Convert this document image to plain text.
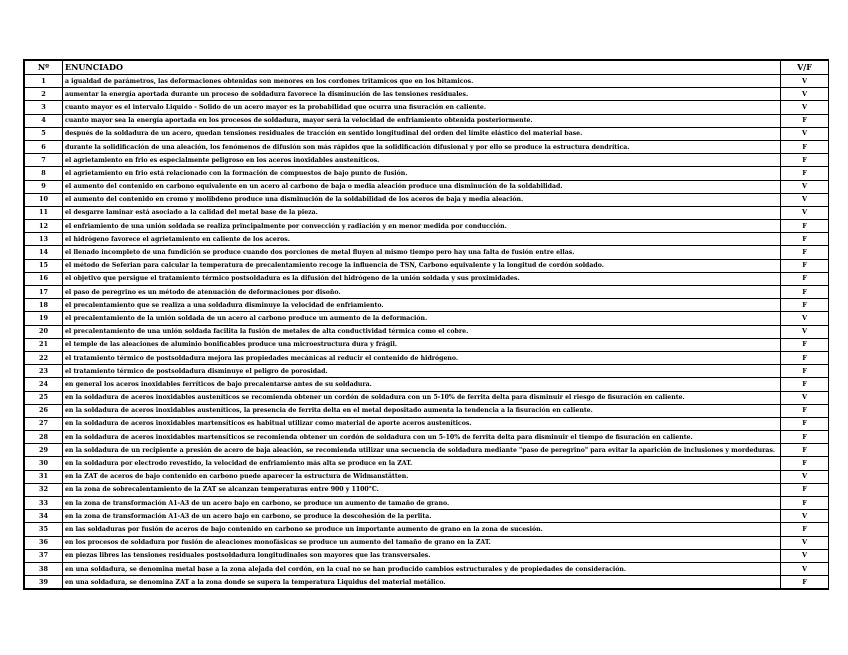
Nº	ENUNCIADO	V/F
1	a igualdad de parámetros, las deformaciones obtenidas son menores en los cordones tritamicos que en los bitamicos.	V
2	aumentar la energía aportada durante un proceso de soldadura favorece la disminución de las tensiones residuales.	V
3	cuanto mayor es el intervalo Liquido - Solido de un acero mayor es la probabilidad que ocurra una fisuración en caliente.	V
4	cuanto mayor sea la energía aportada en los procesos de soldadura, mayor será la velocidad de enfriamiento obtenida posteriormente.	F
5	después de la soldadura de un acero, quedan tensiones residuales de tracción en sentido longitudinal del orden del límite elástico del material base.	V
6	durante la solidificación de una aleación, los fenómenos de difusión son más rápidos que la solidificación difusional y por ello se produce la estructura dendrítica.	F
7	el agrietamiento en frio es especialmente peligroso en los aceros inoxidables austeníticos.	F
8	el agrietamiento en frio está relacionado con la formación de compuestos de bajo punto de fusión.	F
9	el aumento del contenido en carbono equivalente en un acero al carbono de baja o media aleación produce una disminución de la soldabilidad.	V
10	el aumento del contenido en cromo y molibdeno produce una disminución de la soldabilidad de los aceros de baja y media aleación.	V
11	el desgarre laminar está asociado a la calidad del metal base de la pieza.	V
12	el enfriamiento de una unión soldada se realiza principalmente por convección y radiación y en menor medida por conducción.	F
13	el hidrógeno favorece el agrietamiento en caliente de los aceros.	F
14	el llenado incompleto de una fundición se produce cuando dos porciones de metal fluyen al mismo tiempo pero hay una falta de fusión entre ellas.	F
15	el método de Seferian para calcular la temperatura de precalentamiento recoge la influencia de TSN, Carbono equivalente y la longitud de cordón soldado.	F
16	el objetivo que persigue el tratamiento térmico postsoldadura es la difusión del hidrógeno de la unión soldada y sus proximidades.	F
17	el paso de peregrino es un método de atenuación de deformaciones por disoño.	F
18	el precalentamiento que se realiza a una soldadura disminuye la velocidad de enfriamiento.	F
19	el precalentamiento de la unión soldada de un acero al carbono produce un aumento de la deformación.	V
20	el precalentamiento de una unión soldada facilita la fusión de metales de alta conductividad térmica como el cobre.	V
21	el temple de las aleaciones de aluminio bonificables produce una microestructura dura y frágil.	F
22	el tratamiento térmico de postsoldadura mejora las propiedades mecánicas al reducir el contenido de hidrógeno.	F
23	el tratamiento térmico de postsoldadura disminuye el peligro de porosidad.	F
24	en general los aceros inoxidables ferríticos de bajo precalentarse antes de su soldadura.	F
25	en la soldadura de aceros inoxidables austeníticos se recomienda obtener un cordón de soldadura con un 5-10% de ferrita delta para disminuir el riesgo de fisuración en caliente.	V
26	en la soldadura de aceros inoxidables austeníticos, la presencia de ferrita delta en el metal depositado aumenta la tendencia a la fisuración en caliente.	F
27	en la soldadura de aceros inoxidables martensíticos es habitual utilizar como material de aporte aceros austeníticos.	F
28	en la soldadura de aceros inoxidables martensíticos se recomienda obtener un cordón de soldadura con un 5-10% de ferrita delta para disminuir el tiempo de fisuración en caliente.	F
29	en la soldadura de un recipiente a presión de acero de baja aleación, se recomienda utilizar una secuencia de soldadura mediante "paso de peregrino" para evitar la aparición de inclusiones y mordeduras.	F
30	en la soldadura por electrodo revestido, la velocidad de enfriamiento más alta se produce en la ZAT.	F
31	en la ZAT de aceros de bajo contenido en carbono puede aparecer la estructura de Widmanstätten.	V
32	en la zona de sobrecalentamiento de la ZAT se alcanzan temperaturas entre 900 y 1100°C.	F
33	en la zona de transformación A1-A3 de un acero bajo en carbono, se produce un aumento de tamaño de grano.	F
34	en la zona de transformación A1-A3 de un acero bajo en carbono, se produce la descohesión de la perlita.	V
35	en las soldaduras por fusión de aceros de bajo contenido en carbono se produce un importante aumento de grano en la zona de sucesión.	F
36	en los procesos de soldadura por fusión de aleaciones monofásicas se produce un aumento del tamaño de grano en la ZAT.	V
37	en piezas libres las tensiones residuales postsoldadura longitudinales son mayores que las transversales.	V
38	en una soldadura, se denomina metal base a la zona alejada del cordón, en la cual no se han producido cambios estructurales y de propiedades de consideración.	V
39	en una soldadura, se denomina ZAT a la zona donde se supera la temperatura Liquidus del material metálico.	F
